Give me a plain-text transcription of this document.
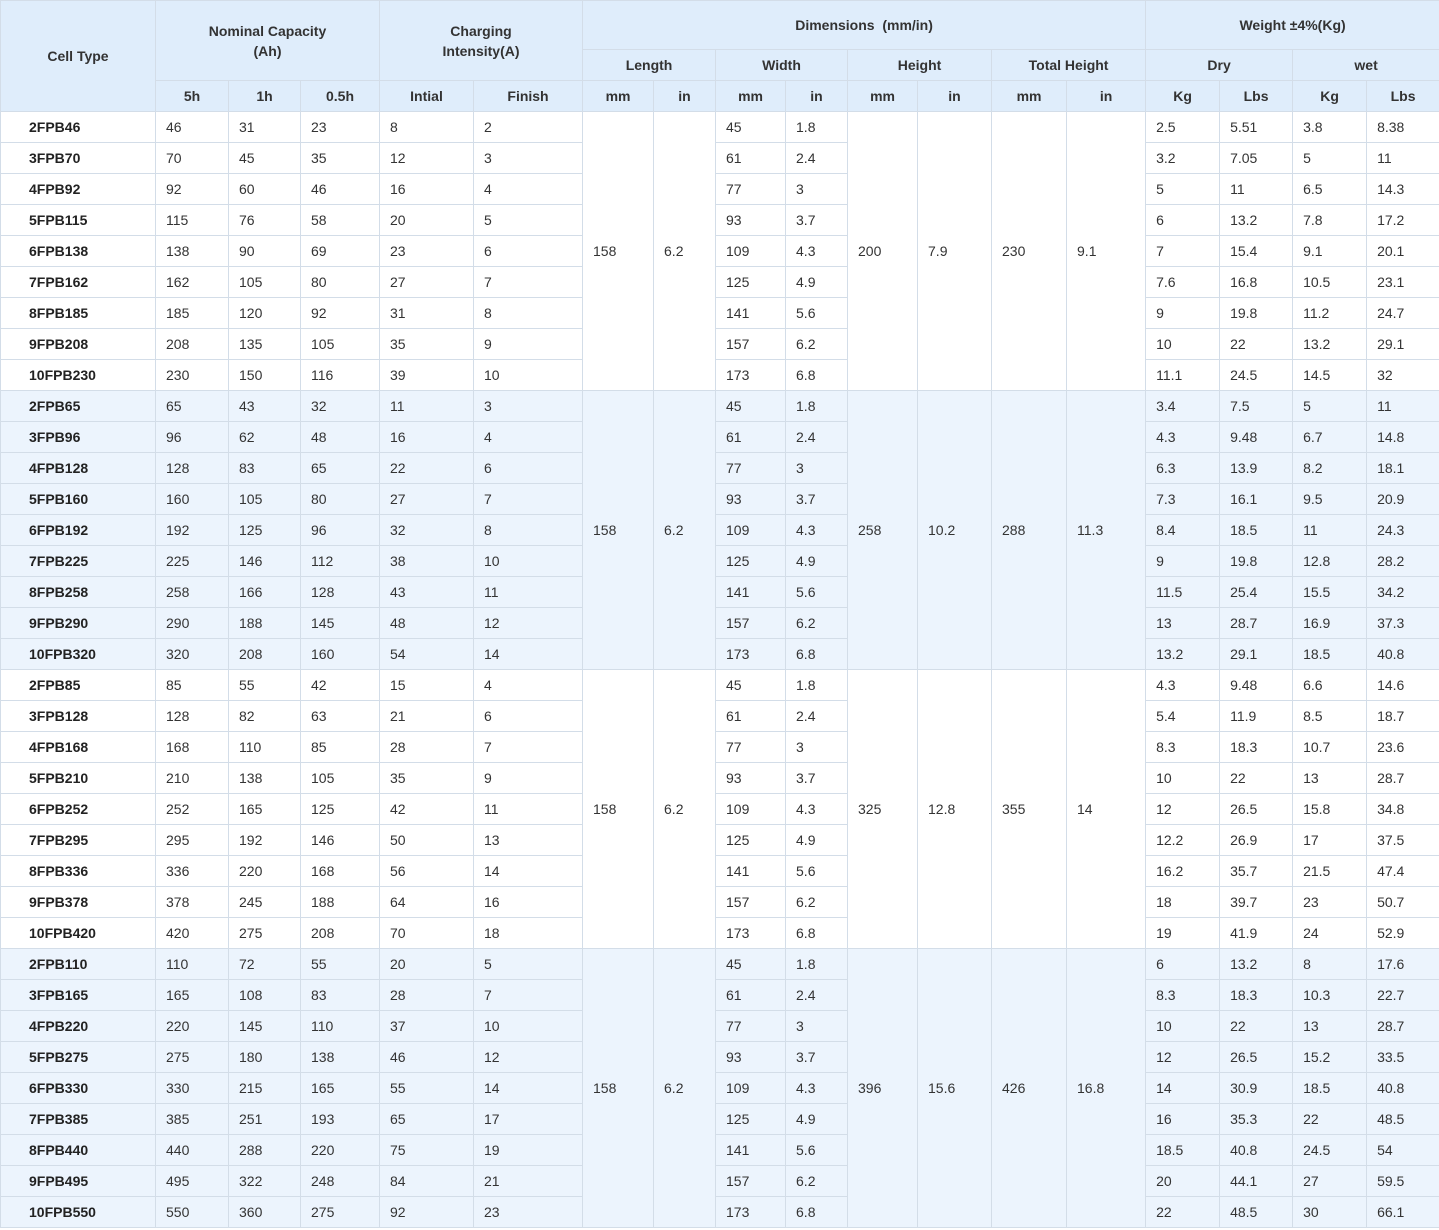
Cell Type	Nominal Capacity (Ah)			Charging Intensity(A)		Dimensions  (mm/in)								Weight ±4%(Kg)			

						Length		Width		Height		Total Height		Dry		wet	
	5h	1h	0.5h	Intial	Finish	mm	in	mm	in	mm	in	mm	in	Kg	Lbs	Kg	Lbs
2FPB46	46	31	23	8	2	158	6.2	45	1.8	200	7.9	230	9.1	2.5	5.51	3.8	8.38
3FPB70	70	45	35	12	3			61	2.4					3.2	7.05	5	11
4FPB92	92	60	46	16	4			77	3					5	11	6.5	14.3
5FPB115	115	76	58	20	5			93	3.7					6	13.2	7.8	17.2
6FPB138	138	90	69	23	6			109	4.3					7	15.4	9.1	20.1
7FPB162	162	105	80	27	7			125	4.9					7.6	16.8	10.5	23.1
8FPB185	185	120	92	31	8			141	5.6					9	19.8	11.2	24.7
9FPB208	208	135	105	35	9			157	6.2					10	22	13.2	29.1
10FPB230	230	150	116	39	10			173	6.8					11.1	24.5	14.5	32
2FPB65	65	43	32	11	3	158	6.2	45	1.8	258	10.2	288	11.3	3.4	7.5	5	11
3FPB96	96	62	48	16	4			61	2.4					4.3	9.48	6.7	14.8
4FPB128	128	83	65	22	6			77	3					6.3	13.9	8.2	18.1
5FPB160	160	105	80	27	7			93	3.7					7.3	16.1	9.5	20.9
6FPB192	192	125	96	32	8			109	4.3					8.4	18.5	11	24.3
7FPB225	225	146	112	38	10			125	4.9					9	19.8	12.8	28.2
8FPB258	258	166	128	43	11			141	5.6					11.5	25.4	15.5	34.2
9FPB290	290	188	145	48	12			157	6.2					13	28.7	16.9	37.3
10FPB320	320	208	160	54	14			173	6.8					13.2	29.1	18.5	40.8
2FPB85	85	55	42	15	4	158	6.2	45	1.8	325	12.8	355	14	4.3	9.48	6.6	14.6
3FPB128	128	82	63	21	6			61	2.4					5.4	11.9	8.5	18.7
4FPB168	168	110	85	28	7			77	3					8.3	18.3	10.7	23.6
5FPB210	210	138	105	35	9			93	3.7					10	22	13	28.7
6FPB252	252	165	125	42	11			109	4.3					12	26.5	15.8	34.8
7FPB295	295	192	146	50	13			125	4.9					12.2	26.9	17	37.5
8FPB336	336	220	168	56	14			141	5.6					16.2	35.7	21.5	47.4
9FPB378	378	245	188	64	16			157	6.2					18	39.7	23	50.7
10FPB420	420	275	208	70	18			173	6.8					19	41.9	24	52.9
2FPB110	110	72	55	20	5	158	6.2	45	1.8	396	15.6	426	16.8	6	13.2	8	17.6
3FPB165	165	108	83	28	7			61	2.4					8.3	18.3	10.3	22.7
4FPB220	220	145	110	37	10			77	3					10	22	13	28.7
5FPB275	275	180	138	46	12			93	3.7					12	26.5	15.2	33.5
6FPB330	330	215	165	55	14			109	4.3					14	30.9	18.5	40.8
7FPB385	385	251	193	65	17			125	4.9					16	35.3	22	48.5
8FPB440	440	288	220	75	19			141	5.6					18.5	40.8	24.5	54
9FPB495	495	322	248	84	21			157	6.2					20	44.1	27	59.5
10FPB550	550	360	275	92	23			173	6.8					22	48.5	30	66.1
